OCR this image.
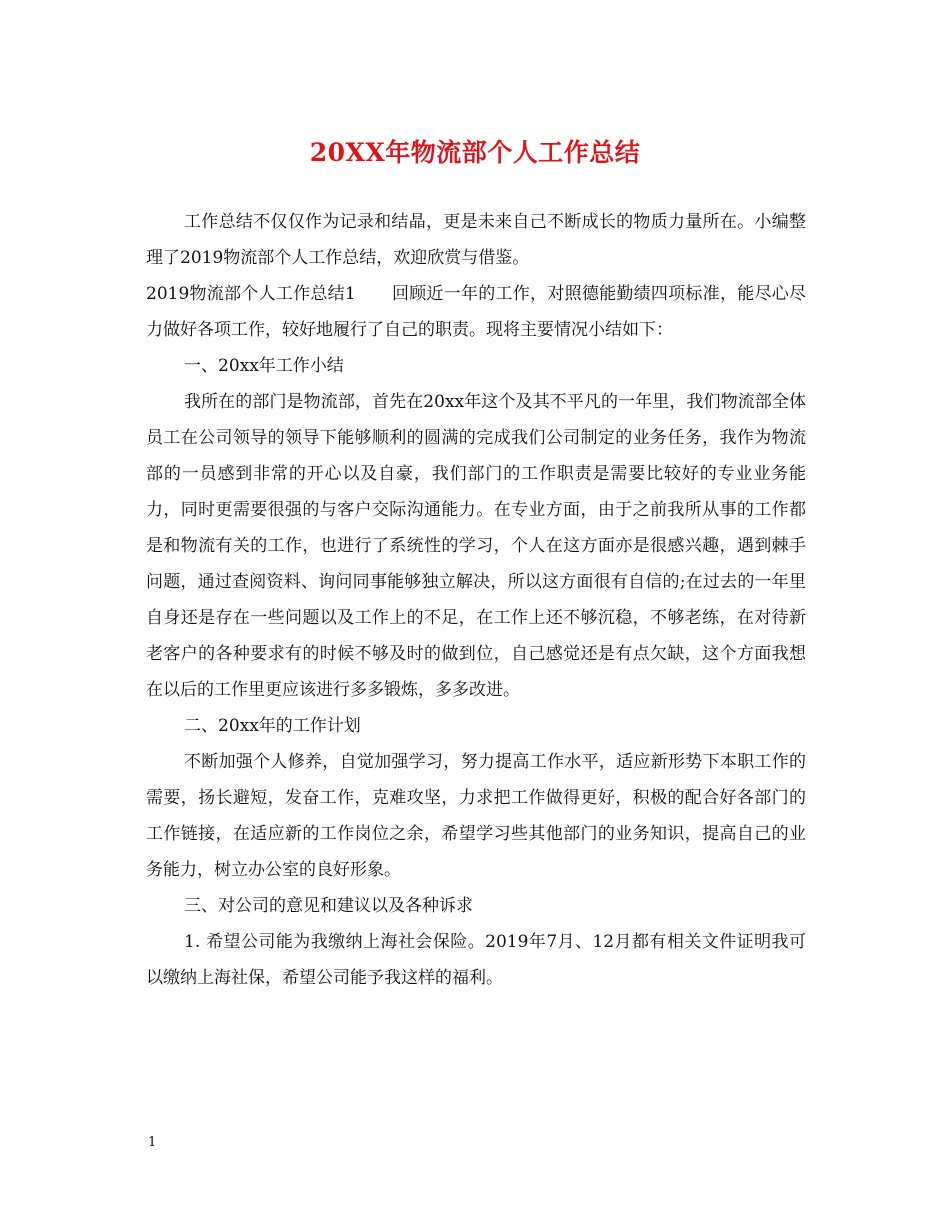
20XX年物流部个人工作总结

工作总结不仅仅作为记录和结晶，更是未来自己不断成长的物质力量所在。小编整理了2019物流部个人工作总结，欢迎欣赏与借鉴。

2019物流部个人工作总结1 回顾近一年的工作，对照德能勤绩四项标准，能尽心尽力做好各项工作，较好地履行了自己的职责。现将主要情况小结如下：

一、20xx年工作小结

我所在的部门是物流部，首先在20xx年这个及其不平凡的一年里，我们物流部全体员工在公司领导的领导下能够顺利的圆满的完成我们公司制定的业务任务，我作为物流部的一员感到非常的开心以及自豪，我们部门的工作职责是需要比较好的专业业务能力，同时更需要很强的与客户交际沟通能力。在专业方面，由于之前我所从事的工作都是和物流有关的工作，也进行了系统性的学习，个人在这方面亦是很感兴趣，遇到棘手问题，通过查阅资料、询问同事能够独立解决，所以这方面很有自信的;在过去的一年里自身还是存在一些问题以及工作上的不足，在工作上还不够沉稳，不够老练，在对待新老客户的各种要求有的时候不够及时的做到位，自己感觉还是有点欠缺，这个方面我想在以后的工作里更应该进行多多锻炼，多多改进。

二、20xx年的工作计划

不断加强个人修养，自觉加强学习，努力提高工作水平，适应新形势下本职工作的需要，扬长避短，发奋工作，克难攻坚，力求把工作做得更好，积极的配合好各部门的工作链接，在适应新的工作岗位之余，希望学习些其他部门的业务知识，提高自己的业务能力，树立办公室的良好形象。

三、对公司的意见和建议以及各种诉求

1. 希望公司能为我缴纳上海社会保险。2019年7月、12月都有相关文件证明我可以缴纳上海社保，希望公司能予我这样的福利。

1
